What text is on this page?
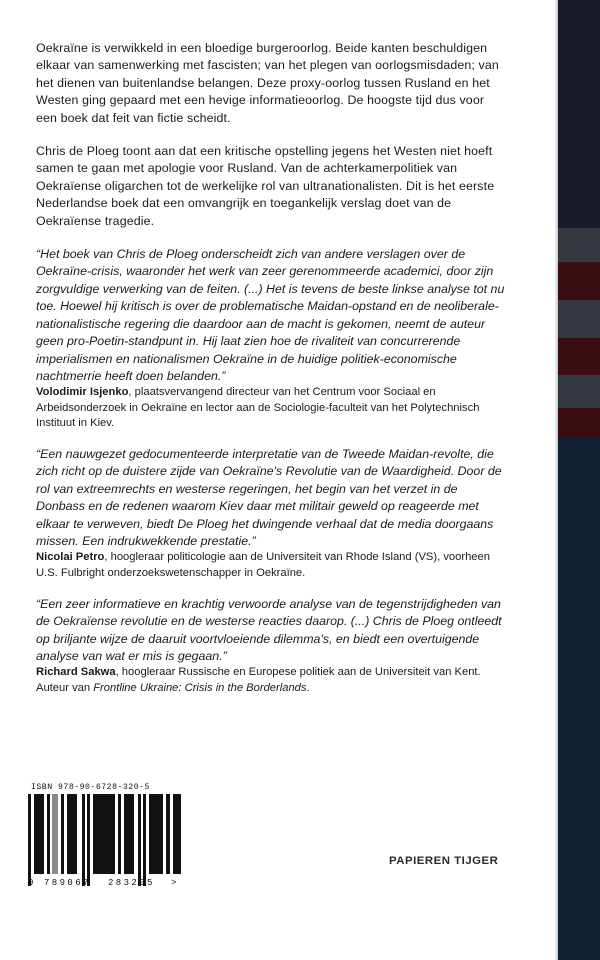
Oekraïne is verwikkeld in een bloedige burgeroorlog. Beide kanten beschuldigen elkaar van samenwerking met fascisten; van het plegen van oorlogsmisdaden; van het dienen van buitenlandse belangen. Deze proxy-oorlog tussen Rusland en het Westen ging gepaard met een hevige informatieoorlog. De hoogste tijd dus voor een boek dat feit van fictie scheidt.

Chris de Ploeg toont aan dat een kritische opstelling jegens het Westen niet hoeft samen te gaan met apologie voor Rusland. Van de achterkamerpolitiek van Oekraïense oligarchen tot de werkelijke rol van ultranationalisten. Dit is het eerste Nederlandse boek dat een omvangrijk en toegankelijk verslag doet van de Oekraïense tragedie.

“Het boek van Chris de Ploeg onderscheidt zich van andere verslagen over de Oekraïne-crisis, waaronder het werk van zeer gerenommeerde academici, door zijn zorgvuldige verwerking van de feiten. (...) Het is tevens de beste linkse analyse tot nu toe. Hoewel hij kritisch is over de problematische Maidan-opstand en de neoliberale-nationalistische regering die daardoor aan de macht is gekomen, neemt de auteur geen pro-Poetin-standpunt in. Hij laat zien hoe de rivaliteit van concurrerende imperialismen en nationalismen Oekraïne in de huidige politiek-economische nachtmerrie heeft doen belanden.”

Volodimir Isjenko, plaatsvervangend directeur van het Centrum voor Sociaal en Arbeidsonderzoek in Oekraïne en lector aan de Sociologie-faculteit van het Polytechnisch Instituut in Kiev.

“Een nauwgezet gedocumenteerde interpretatie van de Tweede Maidan-revolte, die zich richt op de duistere zijde van Oekraïne's Revolutie van de Waardigheid. Door de rol van extreemrechts en westerse regeringen, het begin van het verzet in de Donbass en de redenen waarom Kiev daar met militair geweld op reageerde met elkaar te verweven, biedt De Ploeg het dwingende verhaal dat de media doorgaans missen. Een indrukwekkende prestatie.”

Nicolai Petro, hoogleraar politicologie aan de Universiteit van Rhode Island (VS), voorheen U.S. Fulbright onderzoekswetenschapper in Oekraïne.

“Een zeer informatieve en krachtig verwoorde analyse van de tegenstrijdigheden van de Oekraïense revolutie en de westerse reacties daarop. (...) Chris de Ploeg ontleedt op briljante wijze de daaruit voortvloeiende dilemma's, en biedt een overtuigende analyse van wat er mis is gegaan.”

Richard Sakwa, hoogleraar Russische en Europese politiek aan de Universiteit van Kent. Auteur van Frontline Ukraine: Crisis in the Borderlands.

ISBN 978-90-6728-320-5
9 789067 283205 >
PAPIEREN TIJGER
